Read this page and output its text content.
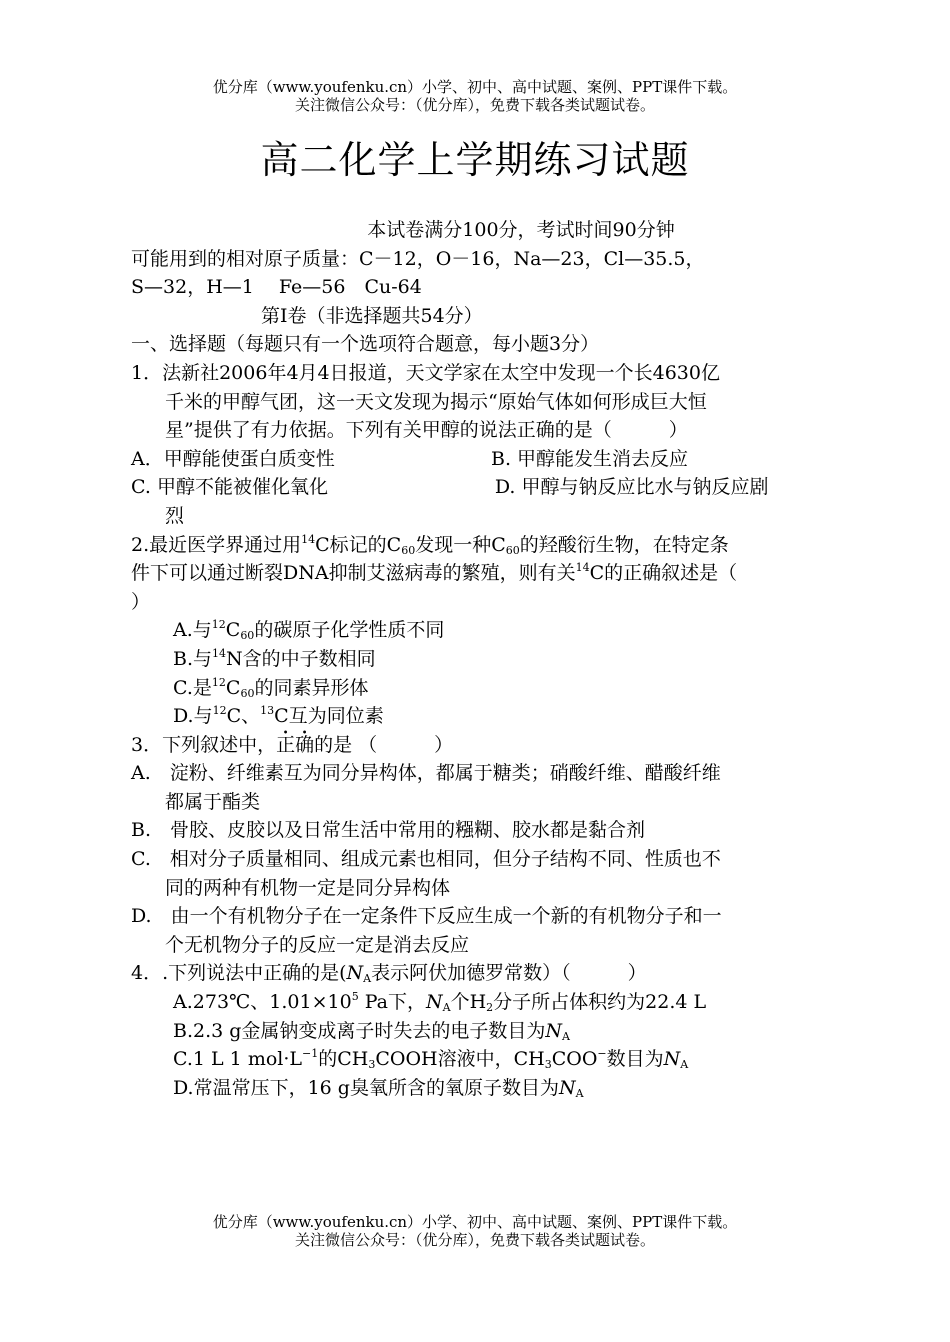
优分库（www.youfenku.cn）小学、初中、高中试题、案例、PPT课件下载。
关注微信公众号：（优分库），免费下载各类试题试卷。
高二化学上学期练习试题
本试卷满分100分，考试时间90分钟
可能用到的相对原子质量：C－12，O－16，Na—23，Cl—35.5，
S—32，H—1　 Fe—56　Cu-64
第Ⅰ卷（非选择题共54分）
一、选择题（每题只有一个选项符合题意，每小题3分）
1．法新社2006年4月4日报道，天文学家在太空中发现一个长4630亿
千米的甲醇气团，这一天文发现为揭示“原始气体如何形成巨大恒
星”提供了有力依据。下列有关甲醇的说法正确的是（　　　）
A．甲醇能使蛋白质变性	B. 甲醇能发生消去反应
C. 甲醇不能被催化氧化	D. 甲醇与钠反应比水与钠反应剧
烈
2.最近医学界通过用$^{14}$C标记的$C_{60}$发现一种$C_{60}$的羟酸衍生物，在特定条
件下可以通过断裂DNA抑制艾滋病毒的繁殖，则有关$^{14}$C的正确叙述是（
）
A.与$^{12}C_{60}$的碳原子化学性质不同
B.与$^{14}$N含的中子数相同
C.是$^{12}C_{60}$的同素异形体
D.与$^{12}$C、$^{13}$C互为同位素
3．下列叙述中，正确的是 （　　　）
A.　淀粉、纤维素互为同分异构体，都属于糖类；硝酸纤维、醋酸纤维
都属于酯类
B.　骨胶、皮胶以及日常生活中常用的糨糊、胶水都是黏合剂
C.　相对分子质量相同、组成元素也相同，但分子结构不同、性质也不
同的两种有机物一定是同分异构体
D.　由一个有机物分子在一定条件下反应生成一个新的有机物分子和一
个无机物分子的反应一定是消去反应
4．.下列说法中正确的是($N_A$表示阿伏加德罗常数）（　　　）
A.273℃、$1.01\times 10^5$ Pa下，$N_A$个$H_2$分子所占体积约为22.4 L
B.2.3 g金属钠变成离子时失去的电子数目为$N_A$
C.1 L 1 $mol\cdot L^{-1}$的$CH_3COOH$溶液中，$CH_3COO^-$数目为$N_A$
D.常温常压下，16 g臭氧所含的氧原子数目为$N_A$
优分库（www.youfenku.cn）小学、初中、高中试题、案例、PPT课件下载。
关注微信公众号：（优分库），免费下载各类试题试卷。
